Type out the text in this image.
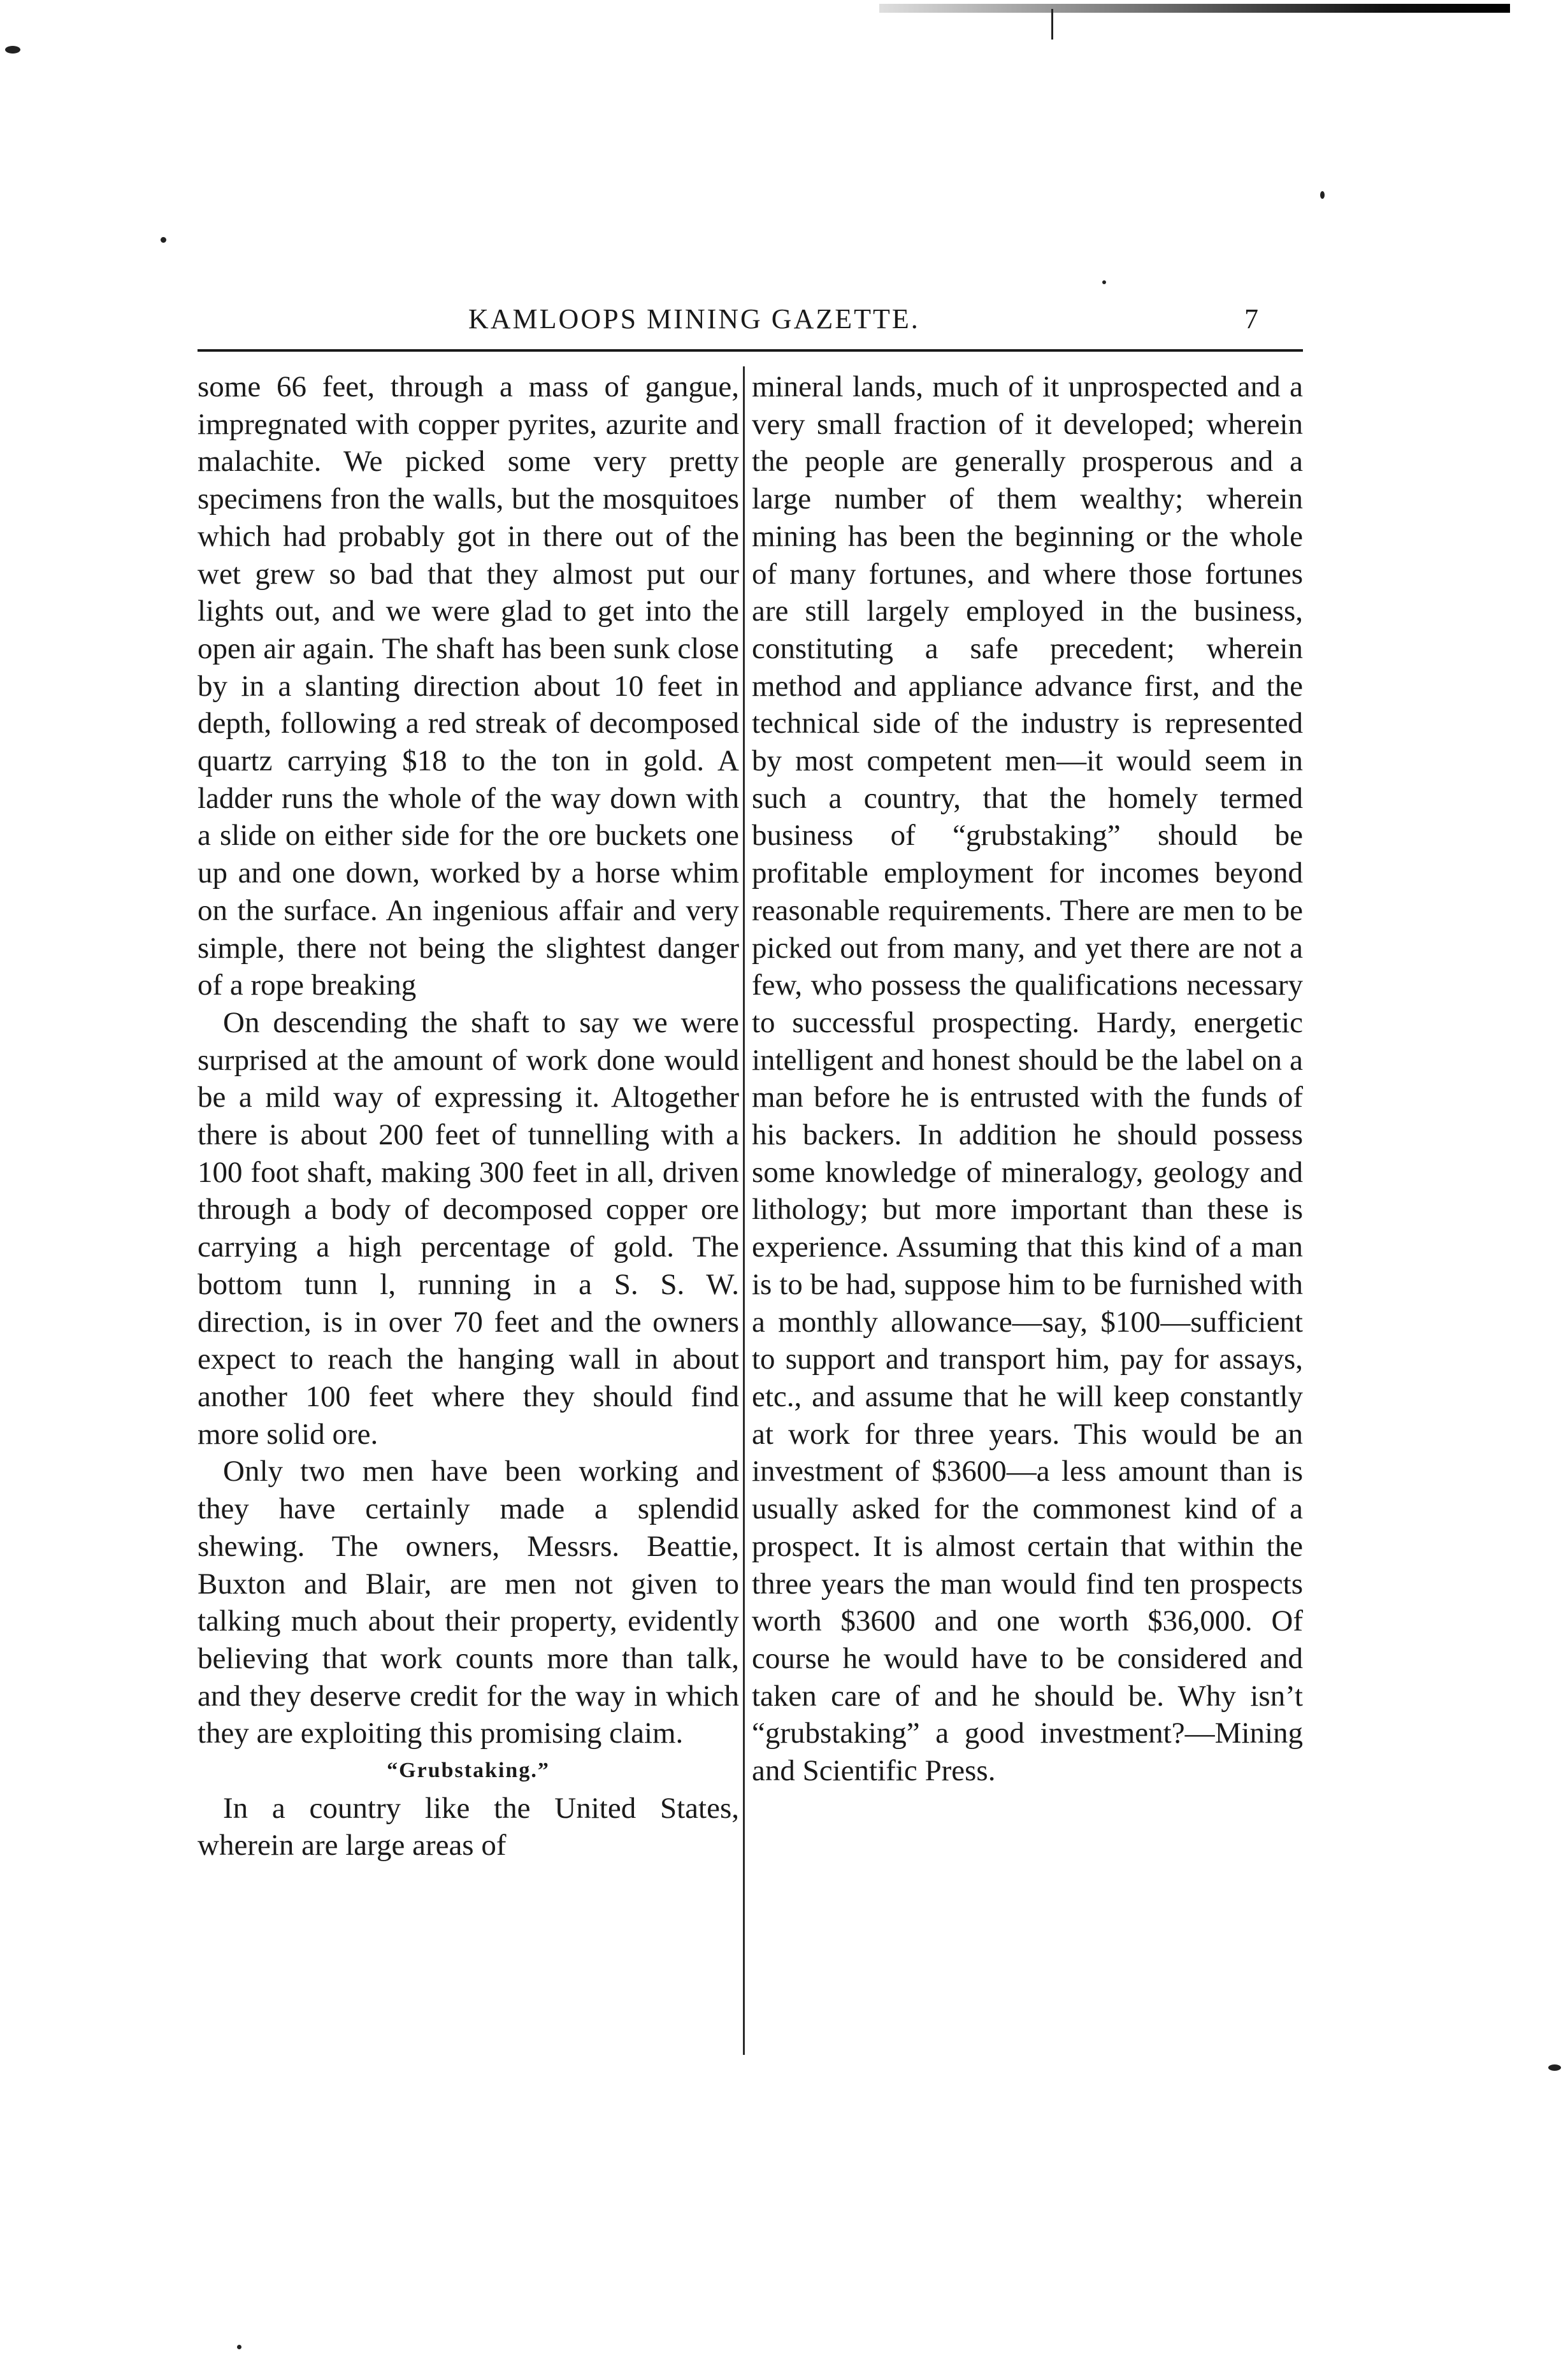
KAMLOOPS MINING GAZETTE.	7

some 66 feet, through a mass of gangue, impregnated with copper pyrites, azurite and malachite. We picked some very pretty specimens fron the walls, but the mosquitoes which had probably got in there out of the wet grew so bad that they almost put our lights out, and we were glad to get into the open air again. The shaft has been sunk close by in a slanting direction about 10 feet in depth, following a red streak of decomposed quartz carrying $18 to the ton in gold. A ladder runs the whole of the way down with a slide on either side for the ore buckets one up and one down, worked by a horse whim on the surface. An ingenious affair and very simple, there not being the slightest danger of a rope breaking

On descending the shaft to say we were surprised at the amount of work done would be a mild way of expressing it. Altogether there is about 200 feet of tunnelling with a 100 foot shaft, making 300 feet in all, driven through a body of decomposed copper ore carrying a high percentage of gold. The bottom tunn l, running in a S. S. W. direction, is in over 70 feet and the owners expect to reach the hanging wall in about another 100 feet where they should find more solid ore.

Only two men have been working and they have certainly made a splendid shewing. The owners, Messrs. Beattie, Buxton and Blair, are men not given to talking much about their property, evidently believing that work counts more than talk, and they deserve credit for the way in which they are exploiting this promising claim.

“Grubstaking.”

In a country like the United States, wherein are large areas of

mineral lands, much of it unprospected and a very small fraction of it developed; wherein the people are generally prosperous and a large number of them wealthy; wherein mining has been the beginning or the whole of many fortunes, and where those fortunes are still largely employed in the business, constituting a safe precedent; wherein method and appliance advance first, and the technical side of the industry is represented by most competent men—it would seem in such a country, that the homely termed business of “grubstaking” should be profitable employment for incomes beyond reasonable requirements. There are men to be picked out from many, and yet there are not a few, who possess the qualifications necessary to successful prospecting. Hardy, energetic intelligent and honest should be the label on a man before he is entrusted with the funds of his backers. In addition he should possess some knowledge of mineralogy, geology and lithology; but more important than these is experience. Assuming that this kind of a man is to be had, suppose him to be furnished with a monthly allowance—say, $100—sufficient to support and transport him, pay for assays, etc., and assume that he will keep constantly at work for three years. This would be an investment of $3600—a less amount than is usually asked for the commonest kind of a prospect. It is almost certain that within the three years the man would find ten prospects worth $3600 and one worth $36,000. Of course he would have to be considered and taken care of and he should be. Why isn’t “grubstaking” a good investment?—Mining and Scientific Press.
